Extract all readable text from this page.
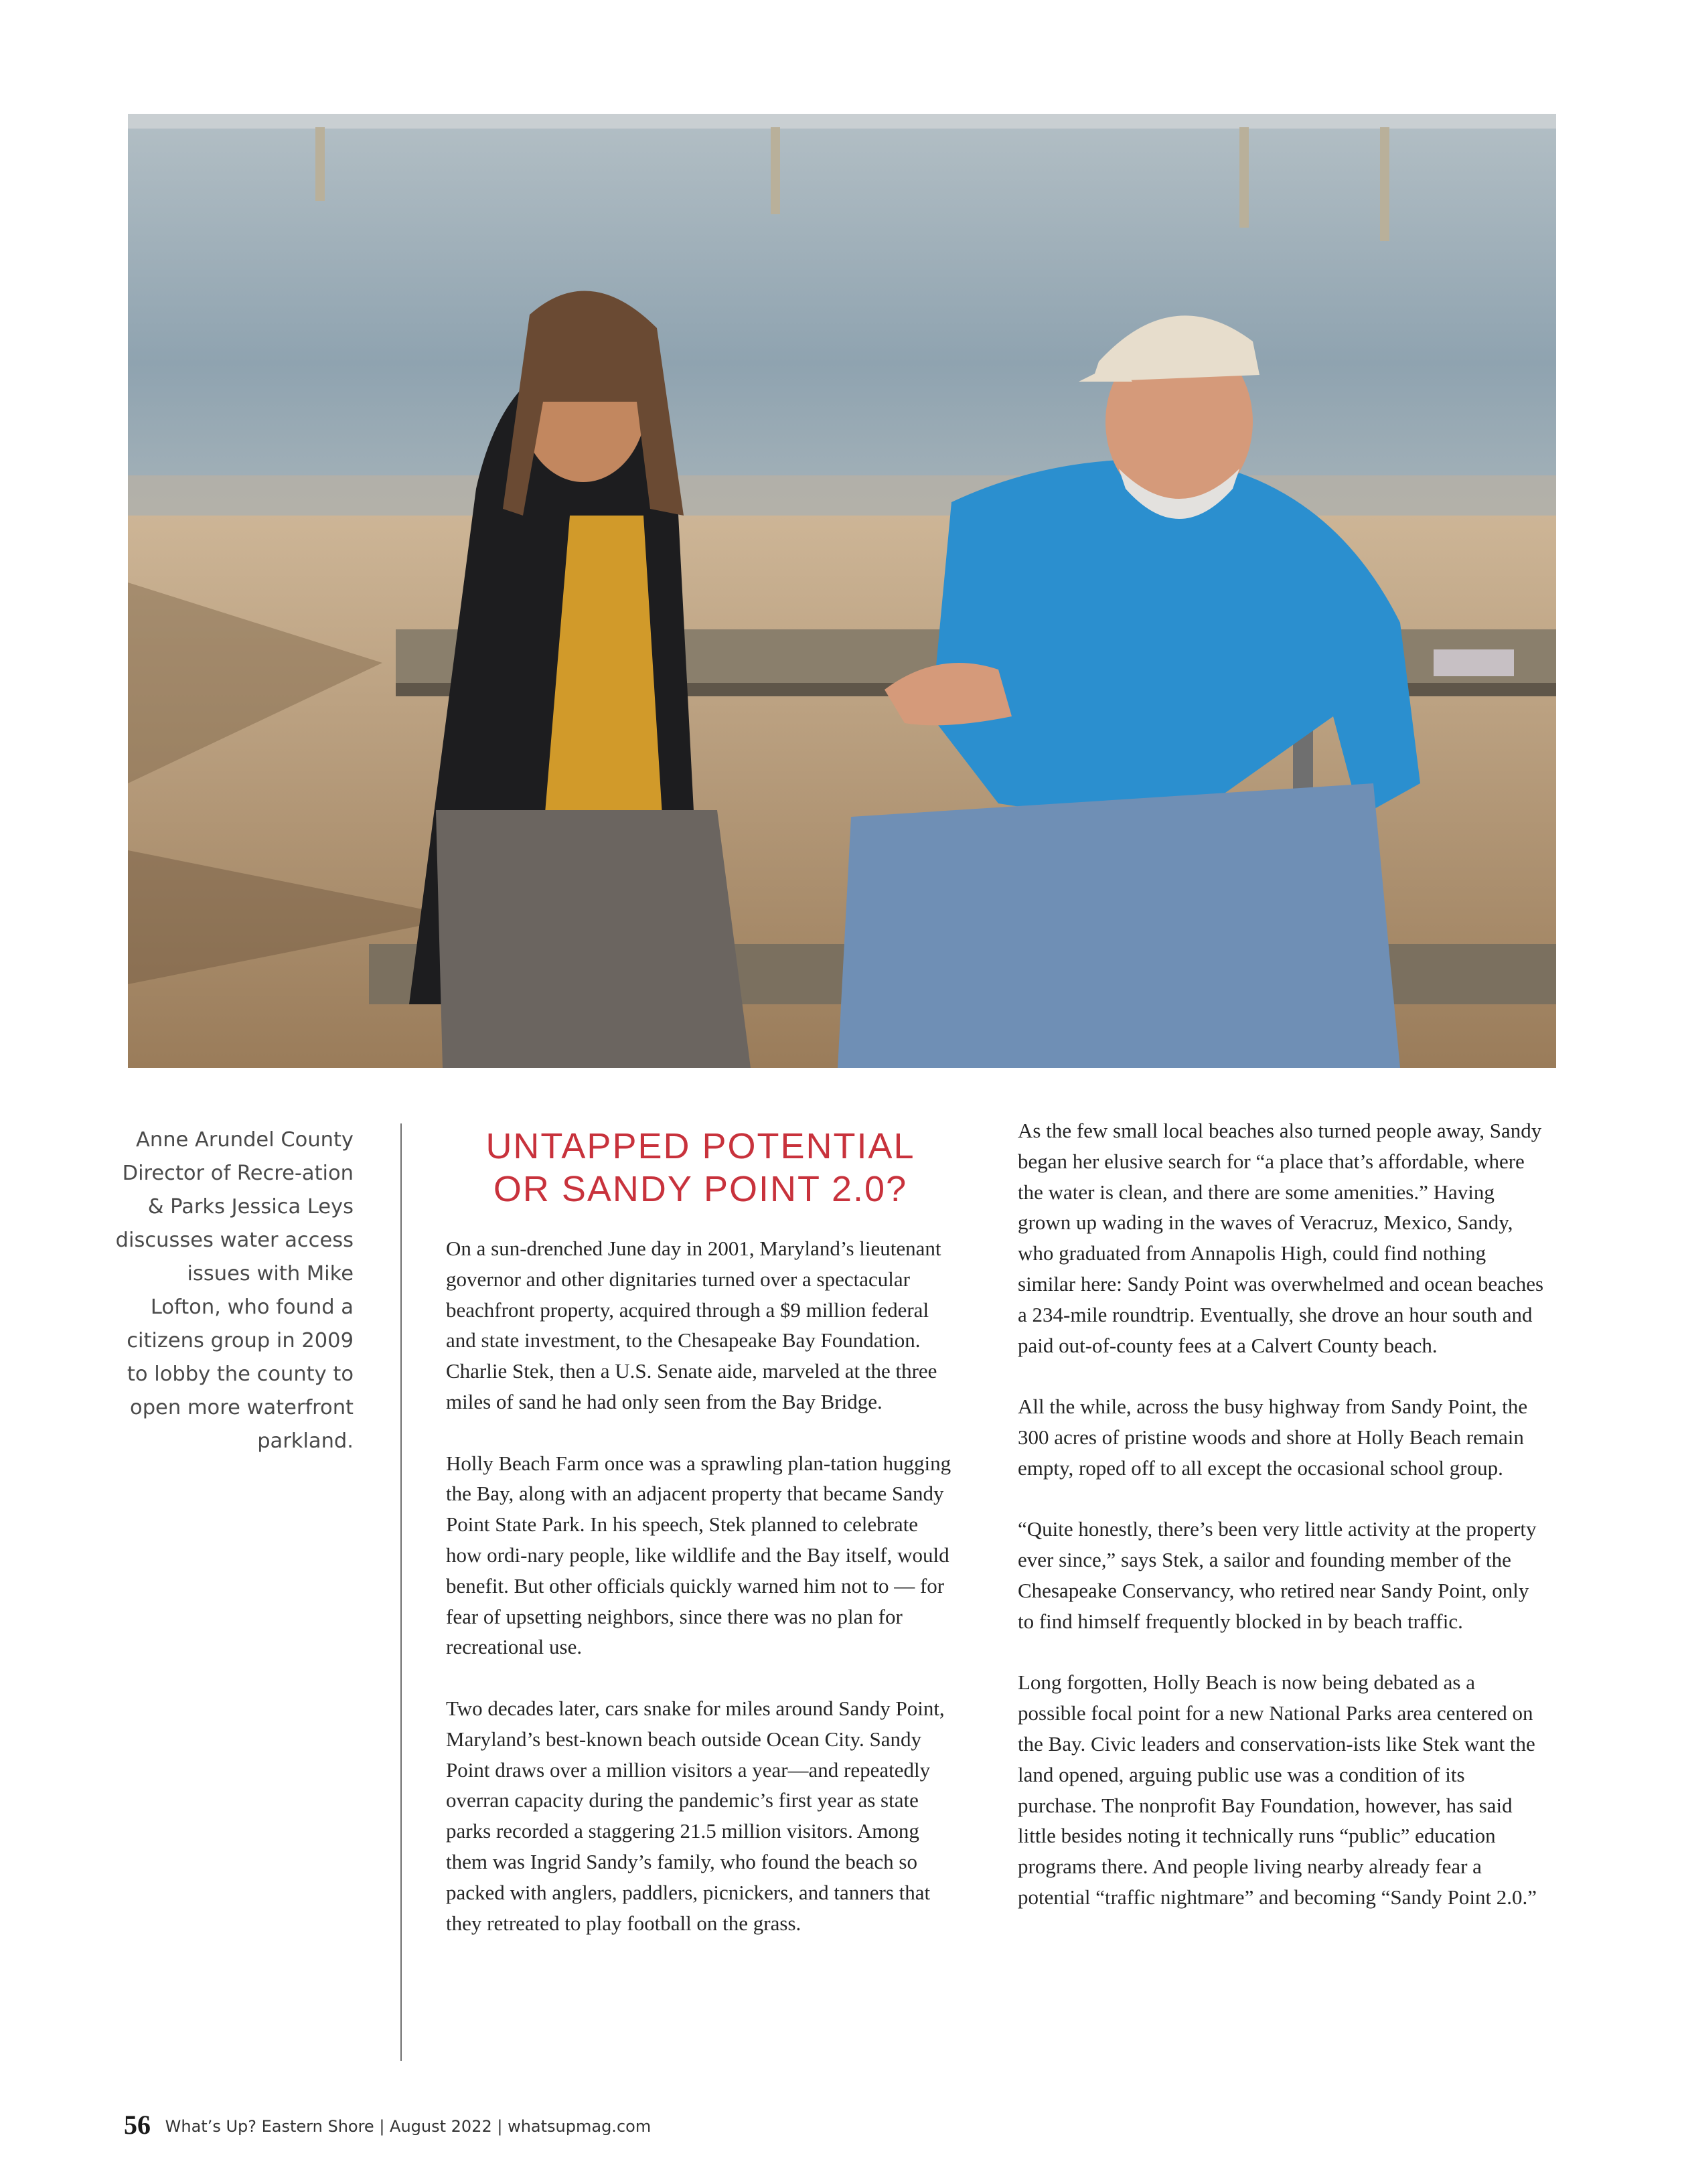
Anne Arundel County Director of Recre-ation & Parks Jessica Leys discusses water access issues with Mike Lofton, who found a citizens group in 2009 to lobby the county to open more waterfront parkland.
UNTAPPED POTENTIAL
OR SANDY POINT 2.0?

On a sun-drenched June day in 2001, Maryland’s lieutenant governor and other dignitaries turned over a spectacular beachfront property, acquired through a $9 million federal and state investment, to the Chesapeake Bay Foundation. Charlie Stek, then a U.S. Senate aide, marveled at the three miles of sand he had only seen from the Bay Bridge.

Holly Beach Farm once was a sprawling plan-tation hugging the Bay, along with an adjacent property that became Sandy Point State Park. In his speech, Stek planned to celebrate how ordi-nary people, like wildlife and the Bay itself, would benefit. But other officials quickly warned him not to — for fear of upsetting neighbors, since there was no plan for recreational use.

Two decades later, cars snake for miles around Sandy Point, Maryland’s best-known beach outside Ocean City. Sandy Point draws over a million visitors a year—and repeatedly overran capacity during the pandemic’s first year as state parks recorded a staggering 21.5 million visitors. Among them was Ingrid Sandy’s family, who found the beach so packed with anglers, paddlers, picnickers, and tanners that they retreated to play football on the grass.

As the few small local beaches also turned people away, Sandy began her elusive search for “a place that’s affordable, where the water is clean, and there are some amenities.” Having grown up wading in the waves of Veracruz, Mexico, Sandy, who graduated from Annapolis High, could find nothing similar here: Sandy Point was overwhelmed and ocean beaches a 234-mile roundtrip. Eventually, she drove an hour south and paid out-of-county fees at a Calvert County beach.

All the while, across the busy highway from Sandy Point, the 300 acres of pristine woods and shore at Holly Beach remain empty, roped off to all except the occasional school group.

“Quite honestly, there’s been very little activity at the property ever since,” says Stek, a sailor and founding member of the Chesapeake Conservancy, who retired near Sandy Point, only to find himself frequently blocked in by beach traffic.

Long forgotten, Holly Beach is now being debated as a possible focal point for a new National Parks area centered on the Bay. Civic leaders and conservation-ists like Stek want the land opened, arguing public use was a condition of its purchase. The nonprofit Bay Foundation, however, has said little besides noting it technically runs “public” education programs there. And people living nearby already fear a potential “traffic nightmare” and becoming “Sandy Point 2.0.”

56 What’s Up? Eastern Shore | August 2022 | whatsupmag.com
